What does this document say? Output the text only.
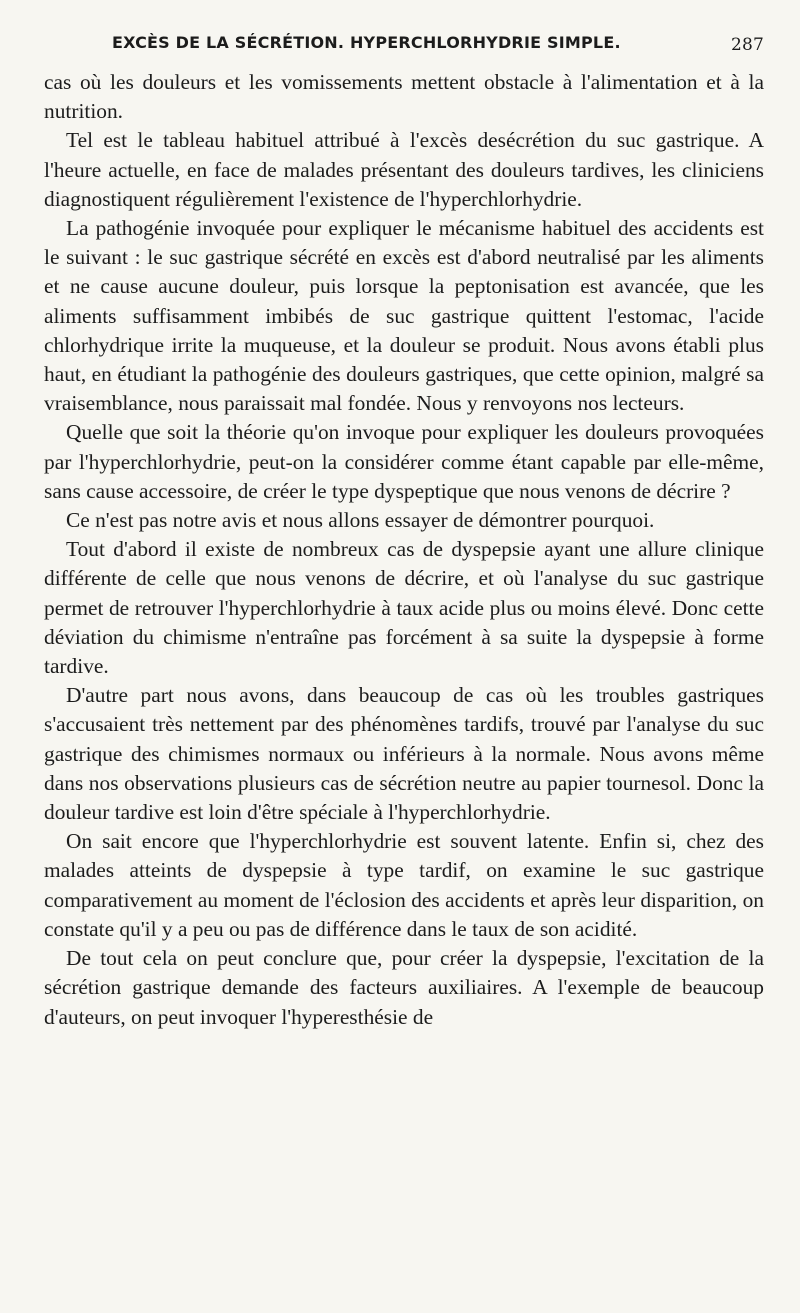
EXCÈS DE LA SÉCRÉTION. HYPERCHLORHYDRIE SIMPLE.	287

cas où les douleurs et les vomissements mettent obstacle à l'alimentation et à la nutrition.

Tel est le tableau habituel attribué à l'excès desécrétion du suc gastrique. A l'heure actuelle, en face de malades présentant des douleurs tardives, les cliniciens diagnostiquent régulièrement l'existence de l'hyperchlorhydrie.

La pathogénie invoquée pour expliquer le mécanisme habituel des accidents est le suivant : le suc gastrique sécrété en excès est d'abord neutralisé par les aliments et ne cause aucune douleur, puis lorsque la peptonisation est avancée, que les aliments suffisamment imbibés de suc gastrique quittent l'estomac, l'acide chlorhydrique irrite la muqueuse, et la douleur se produit. Nous avons établi plus haut, en étudiant la pathogénie des douleurs gastriques, que cette opinion, malgré sa vraisemblance, nous paraissait mal fondée. Nous y renvoyons nos lecteurs.

Quelle que soit la théorie qu'on invoque pour expliquer les douleurs provoquées par l'hyperchlorhydrie, peut-on la considérer comme étant capable par elle-même, sans cause accessoire, de créer le type dyspeptique que nous venons de décrire ?

Ce n'est pas notre avis et nous allons essayer de démontrer pourquoi.

Tout d'abord il existe de nombreux cas de dyspepsie ayant une allure clinique différente de celle que nous venons de décrire, et où l'analyse du suc gastrique permet de retrouver l'hyperchlorhydrie à taux acide plus ou moins élevé. Donc cette déviation du chimisme n'entraîne pas forcément à sa suite la dyspepsie à forme tardive.

D'autre part nous avons, dans beaucoup de cas où les troubles gastriques s'accusaient très nettement par des phénomènes tardifs, trouvé par l'analyse du suc gastrique des chimismes normaux ou inférieurs à la normale. Nous avons même dans nos observations plusieurs cas de sécrétion neutre au papier tournesol. Donc la douleur tardive est loin d'être spéciale à l'hyperchlorhydrie.

On sait encore que l'hyperchlorhydrie est souvent latente. Enfin si, chez des malades atteints de dyspepsie à type tardif, on examine le suc gastrique comparativement au moment de l'éclosion des accidents et après leur disparition, on constate qu'il y a peu ou pas de différence dans le taux de son acidité.

De tout cela on peut conclure que, pour créer la dyspepsie, l'excitation de la sécrétion gastrique demande des facteurs auxiliaires. A l'exemple de beaucoup d'auteurs, on peut invoquer l'hyperesthésie de
